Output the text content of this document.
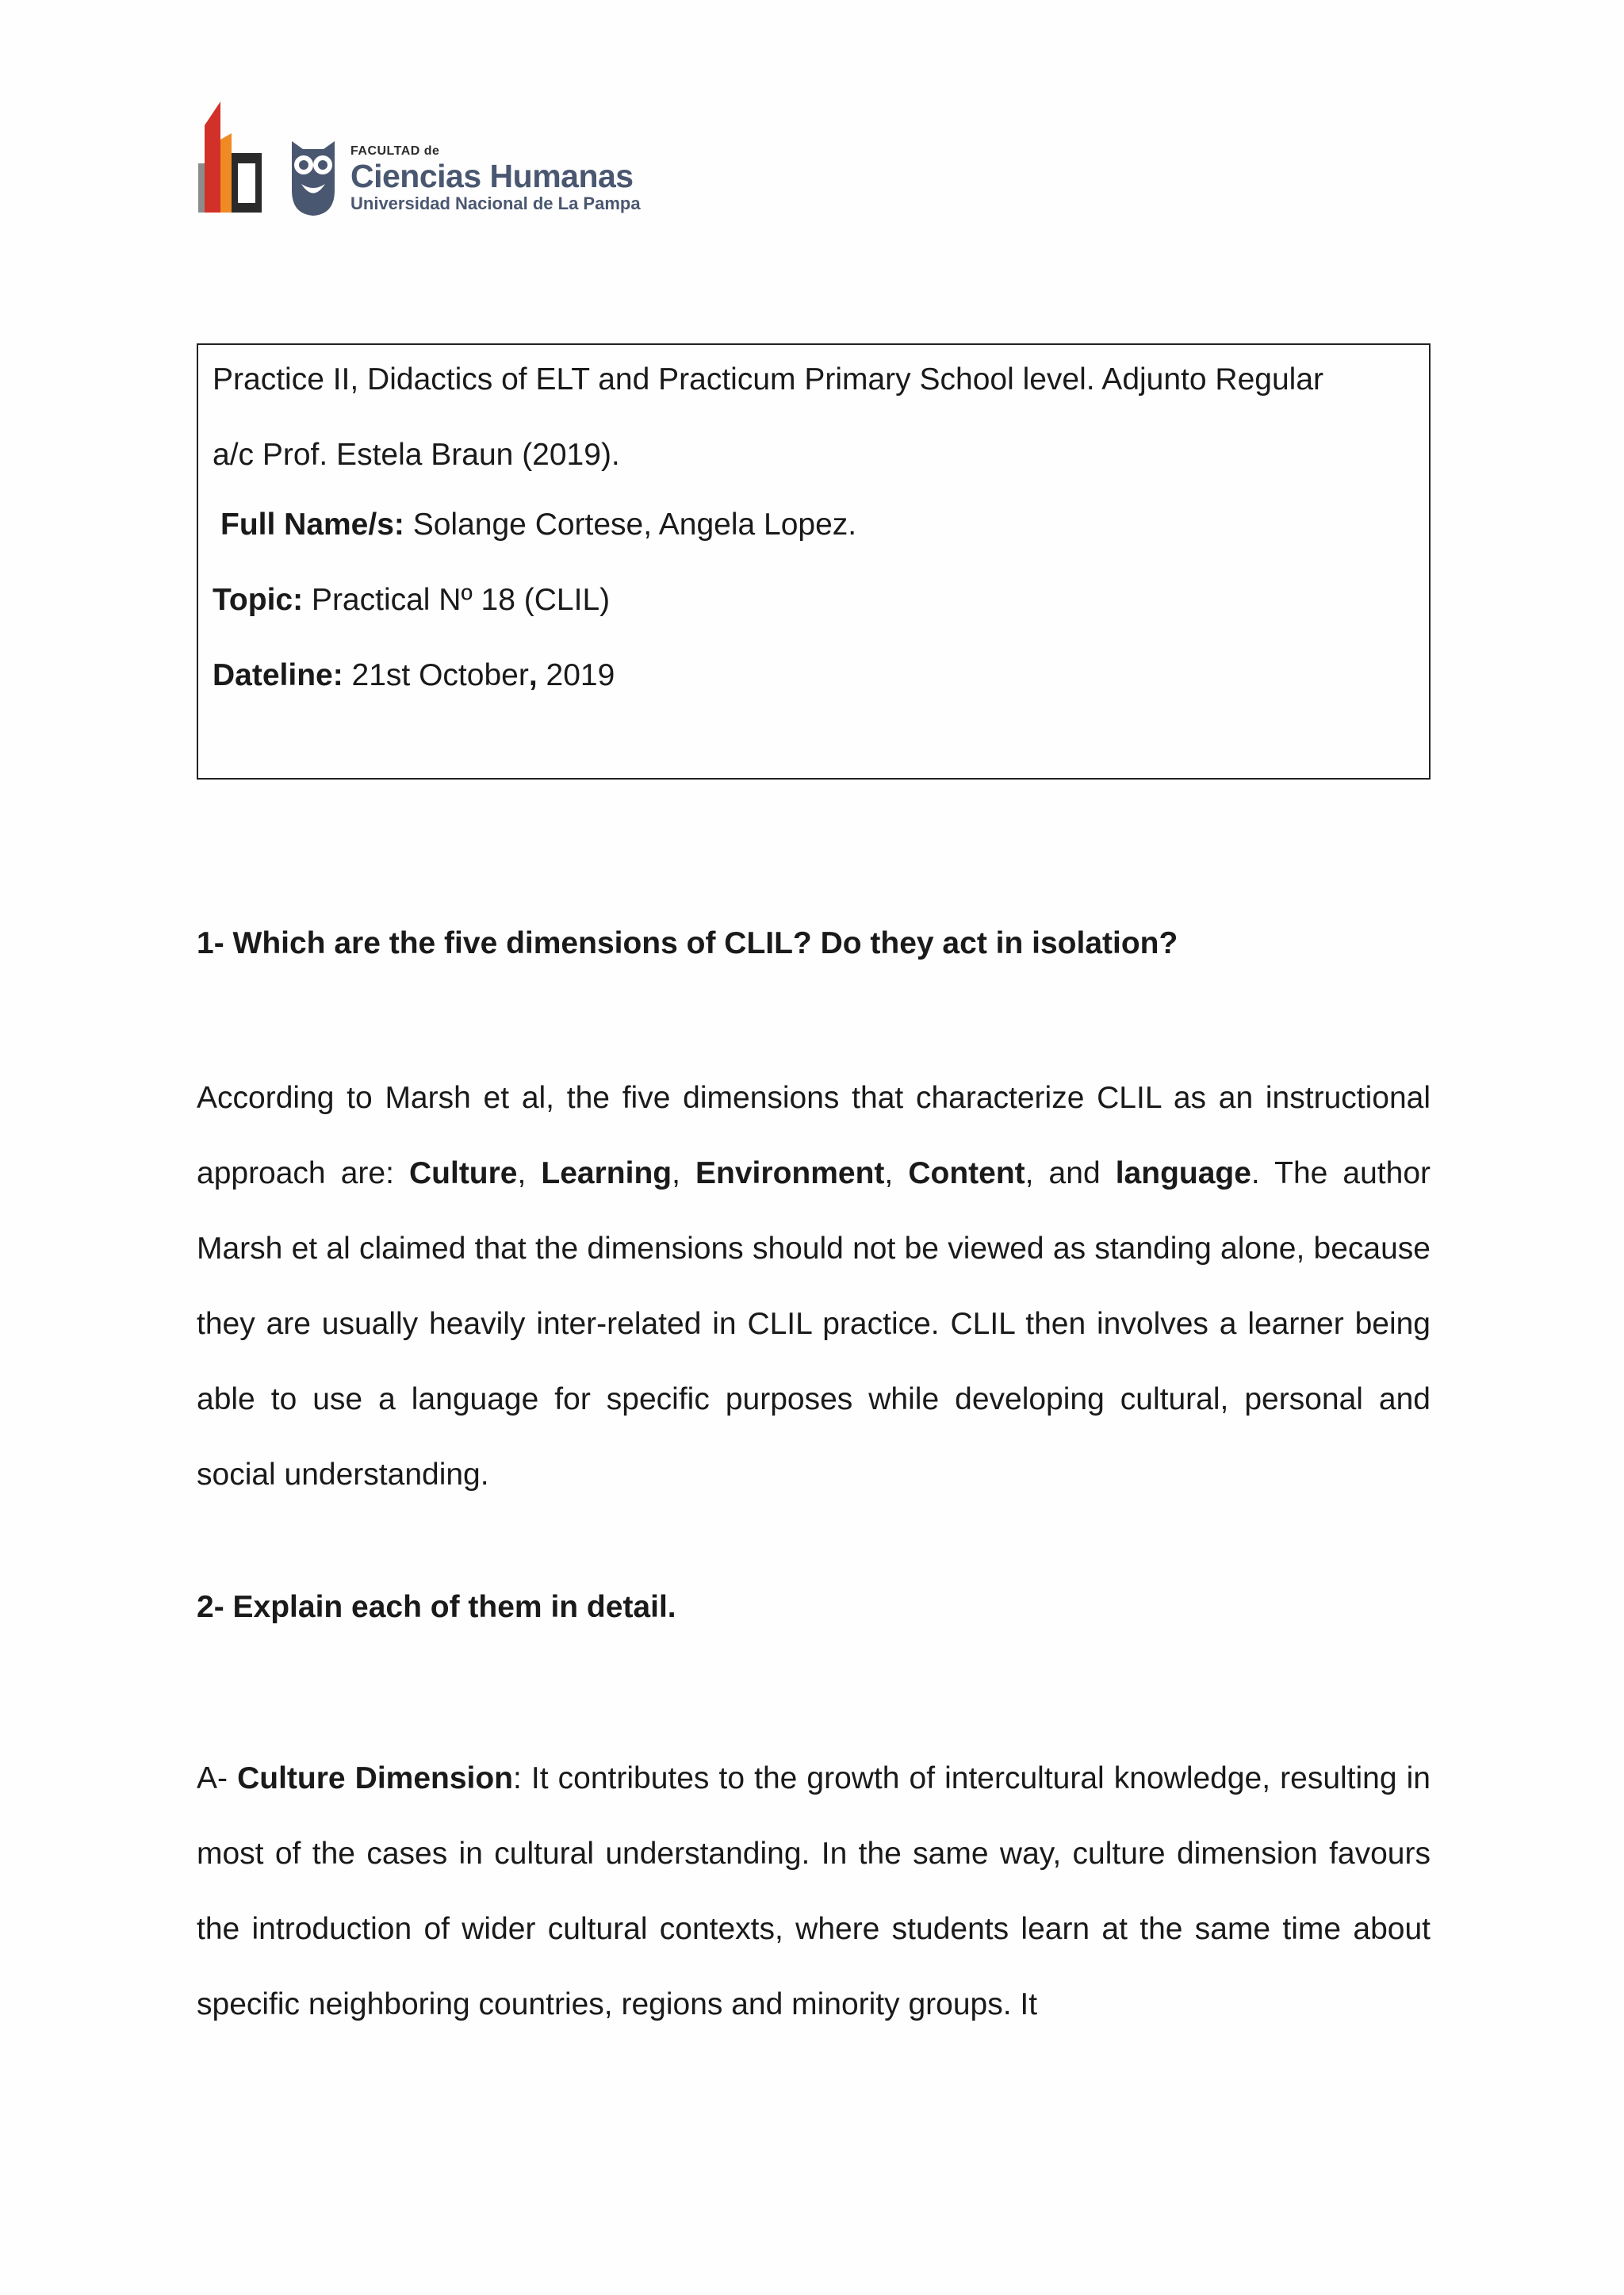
FACULTAD de
Ciencias Humanas
Universidad Nacional de La Pampa
Practice II, Didactics of ELT and Practicum Primary School level. Adjunto Regular
a/c Prof. Estela Braun (2019).
Full Name/s: Solange Cortese, Angela Lopez.
Topic: Practical Nº 18 (CLIL)
Dateline: 21st October, 2019
1- Which are the five dimensions of CLIL? Do they act in isolation?
According to Marsh et al, the five dimensions that characterize CLIL as an instructional approach are: Culture, Learning, Environment, Content, and language. The author Marsh et al claimed that the dimensions should not be viewed as standing alone, because they are usually heavily inter-related in CLIL practice. CLIL then involves a learner being able to use a language for specific purposes while developing cultural, personal and social understanding.
2- Explain each of them in detail.
A- Culture Dimension: It contributes to the growth of intercultural knowledge, resulting in most of the cases in cultural understanding. In the same way, culture dimension favours the introduction of wider cultural contexts, where students learn at the same time about specific neighboring countries, regions and minority groups. It
